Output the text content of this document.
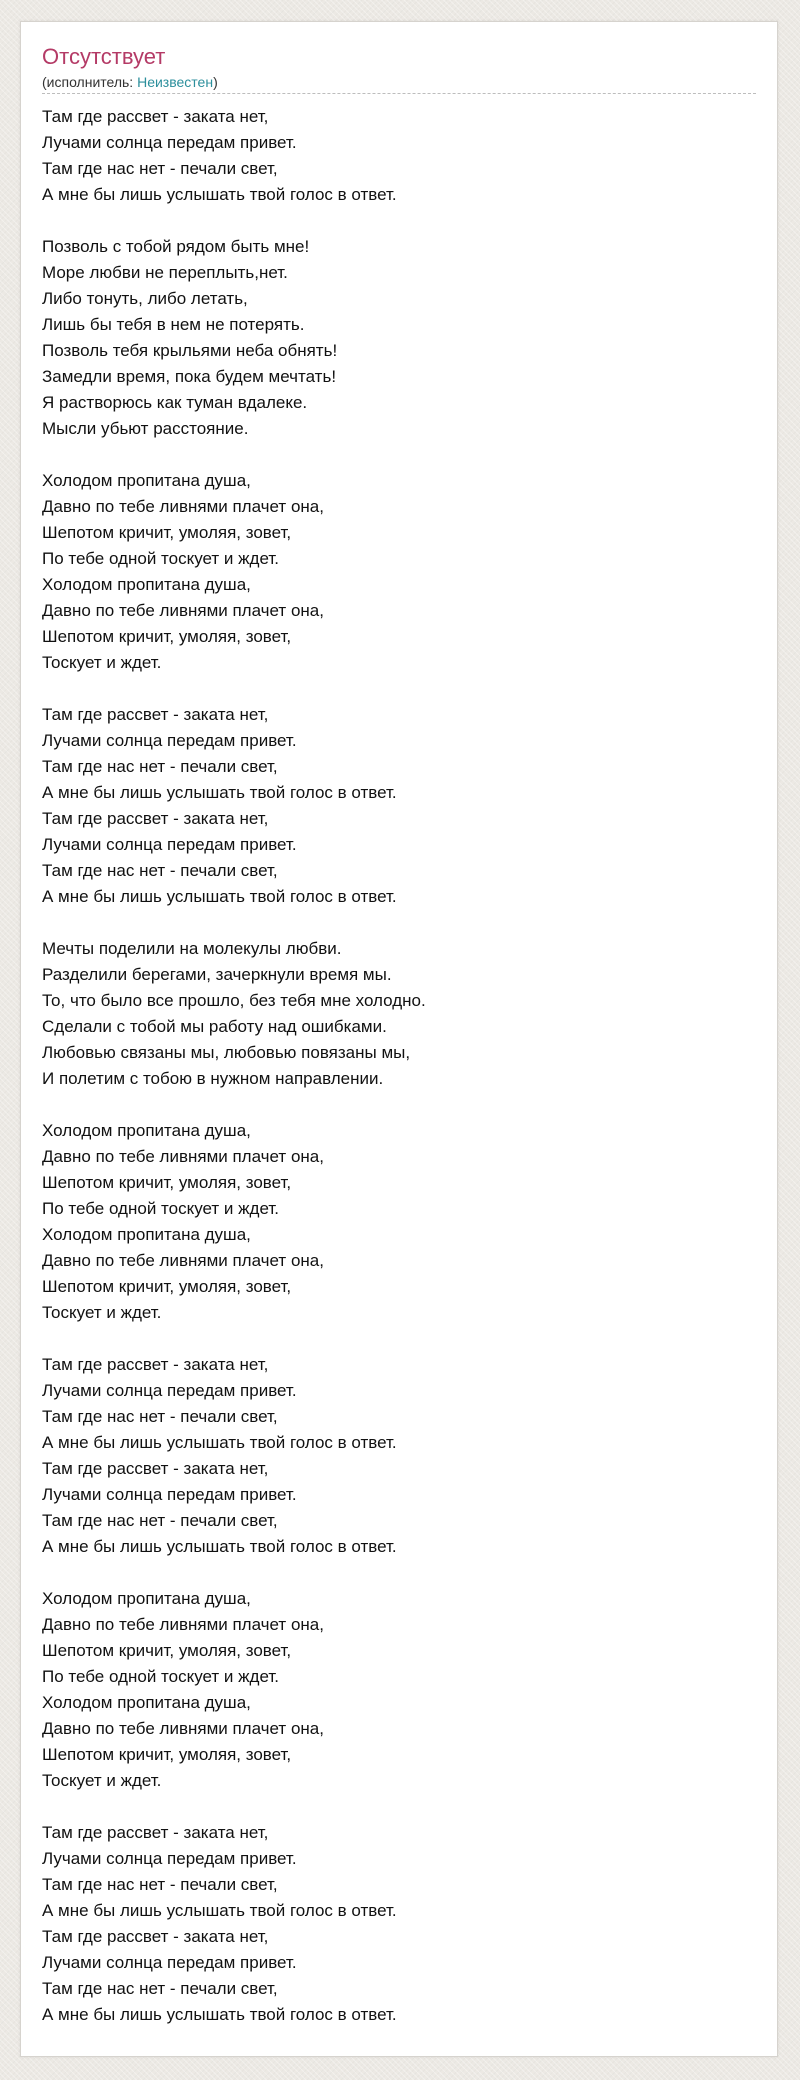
Отсутствует
(исполнитель: Неизвестен)
Там где рассвет - заката нет,
Лучами солнца передам привет.
Там где нас нет - печали свет,
А мне бы лишь услышать твой голос в ответ.
Позволь с тобой рядом быть мне!
Море любви не переплыть,нет.
Либо тонуть, либо летать,
Лишь бы тебя в нем не потерять.
Позволь тебя крыльями неба обнять!
Замедли время, пока будем мечтать!
Я растворюсь как туман вдалеке.
Мысли убьют расстояние.
Холодом пропитана душа,
Давно по тебе ливнями плачет она,
Шепотом кричит, умоляя, зовет,
По тебе одной тоскует и ждет.
Холодом пропитана душа,
Давно по тебе ливнями плачет она,
Шепотом кричит, умоляя, зовет,
Тоскует и ждет.
Там где рассвет - заката нет,
Лучами солнца передам привет.
Там где нас нет - печали свет,
А мне бы лишь услышать твой голос в ответ.
Там где рассвет - заката нет,
Лучами солнца передам привет.
Там где нас нет - печали свет,
А мне бы лишь услышать твой голос в ответ.
Мечты поделили на молекулы любви.
Разделили берегами, зачеркнули время мы.
То, что было все прошло, без тебя мне холодно.
Сделали с тобой мы работу над ошибками.
Любовью связаны мы, любовью повязаны мы,
И полетим с тобою в нужном направлении.
Холодом пропитана душа,
Давно по тебе ливнями плачет она,
Шепотом кричит, умоляя, зовет,
По тебе одной тоскует и ждет.
Холодом пропитана душа,
Давно по тебе ливнями плачет она,
Шепотом кричит, умоляя, зовет,
Тоскует и ждет.
Там где рассвет - заката нет,
Лучами солнца передам привет.
Там где нас нет - печали свет,
А мне бы лишь услышать твой голос в ответ.
Там где рассвет - заката нет,
Лучами солнца передам привет.
Там где нас нет - печали свет,
А мне бы лишь услышать твой голос в ответ.
Холодом пропитана душа,
Давно по тебе ливнями плачет она,
Шепотом кричит, умоляя, зовет,
По тебе одной тоскует и ждет.
Холодом пропитана душа,
Давно по тебе ливнями плачет она,
Шепотом кричит, умоляя, зовет,
Тоскует и ждет.
Там где рассвет - заката нет,
Лучами солнца передам привет.
Там где нас нет - печали свет,
А мне бы лишь услышать твой голос в ответ.
Там где рассвет - заката нет,
Лучами солнца передам привет.
Там где нас нет - печали свет,
А мне бы лишь услышать твой голос в ответ.
